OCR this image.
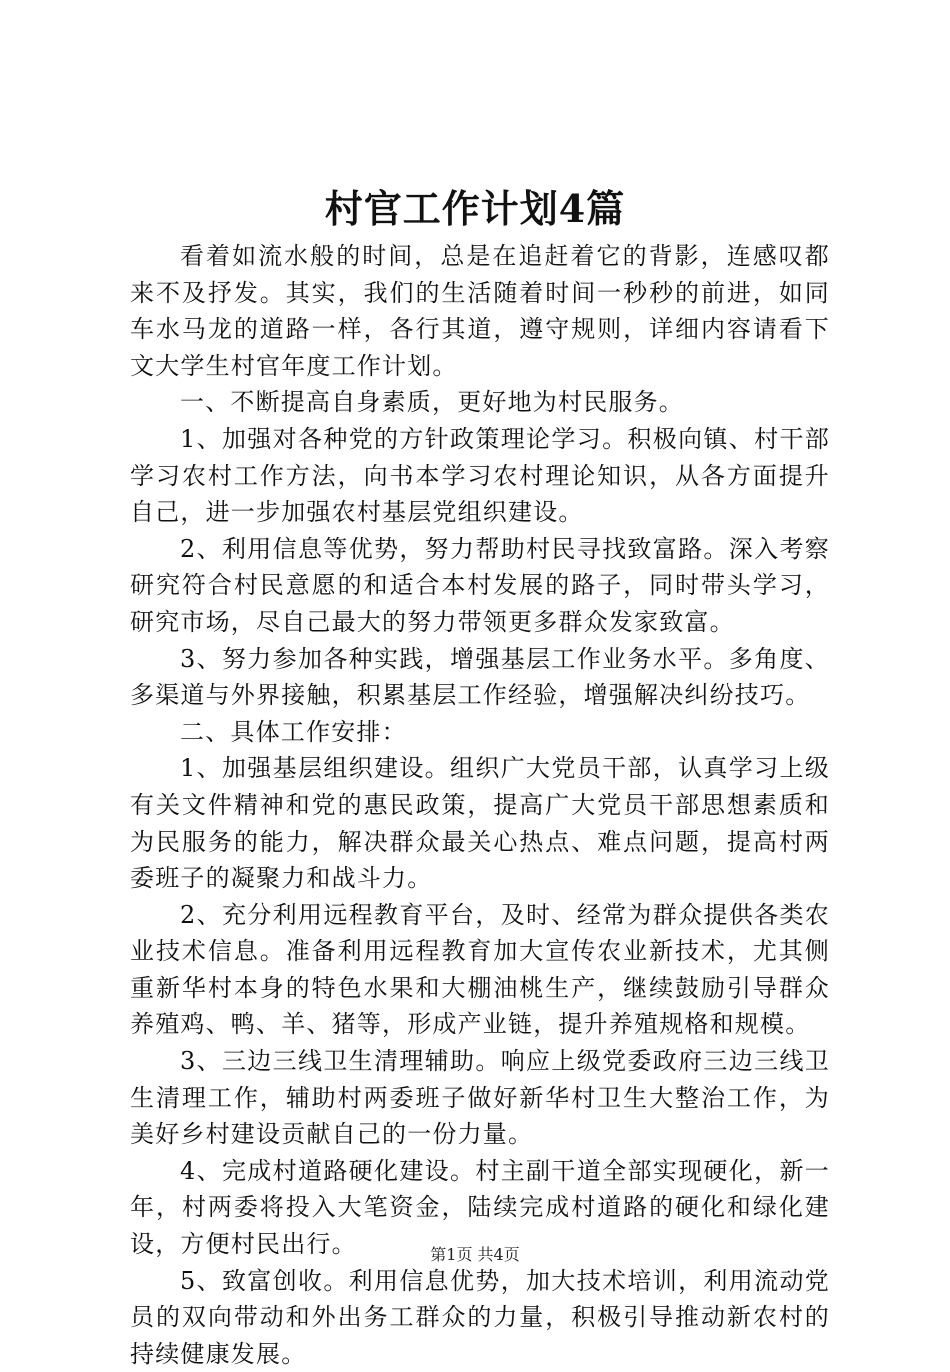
村官工作计划4篇

看着如流水般的时间，总是在追赶着它的背影，连感叹都来不及抒发。其实，我们的生活随着时间一秒秒的前进，如同车水马龙的道路一样，各行其道，遵守规则，详细内容请看下文大学生村官年度工作计划。

一、不断提高自身素质，更好地为村民服务。

1、加强对各种党的方针政策理论学习。积极向镇、村干部学习农村工作方法，向书本学习农村理论知识，从各方面提升自己，进一步加强农村基层党组织建设。

2、利用信息等优势，努力帮助村民寻找致富路。深入考察研究符合村民意愿的和适合本村发展的路子，同时带头学习，研究市场，尽自己最大的努力带领更多群众发家致富。

3、努力参加各种实践，增强基层工作业务水平。多角度、多渠道与外界接触，积累基层工作经验，增强解决纠纷技巧。

二、具体工作安排：

1、加强基层组织建设。组织广大党员干部，认真学习上级有关文件精神和党的惠民政策，提高广大党员干部思想素质和为民服务的能力，解决群众最关心热点、难点问题，提高村两委班子的凝聚力和战斗力。

2、充分利用远程教育平台，及时、经常为群众提供各类农业技术信息。准备利用远程教育加大宣传农业新技术，尤其侧重新华村本身的特色水果和大棚油桃生产，继续鼓励引导群众养殖鸡、鸭、羊、猪等，形成产业链，提升养殖规格和规模。

3、三边三线卫生清理辅助。响应上级党委政府三边三线卫生清理工作，辅助村两委班子做好新华村卫生大整治工作，为美好乡村建设贡献自己的一份力量。

4、完成村道路硬化建设。村主副干道全部实现硬化，新一年，村两委将投入大笔资金，陆续完成村道路的硬化和绿化建设，方便村民出行。

5、致富创收。利用信息优势，加大技术培训，利用流动党员的双向带动和外出务工群众的力量，积极引导推动新农村的持续健康发展。

第1页 共4页
